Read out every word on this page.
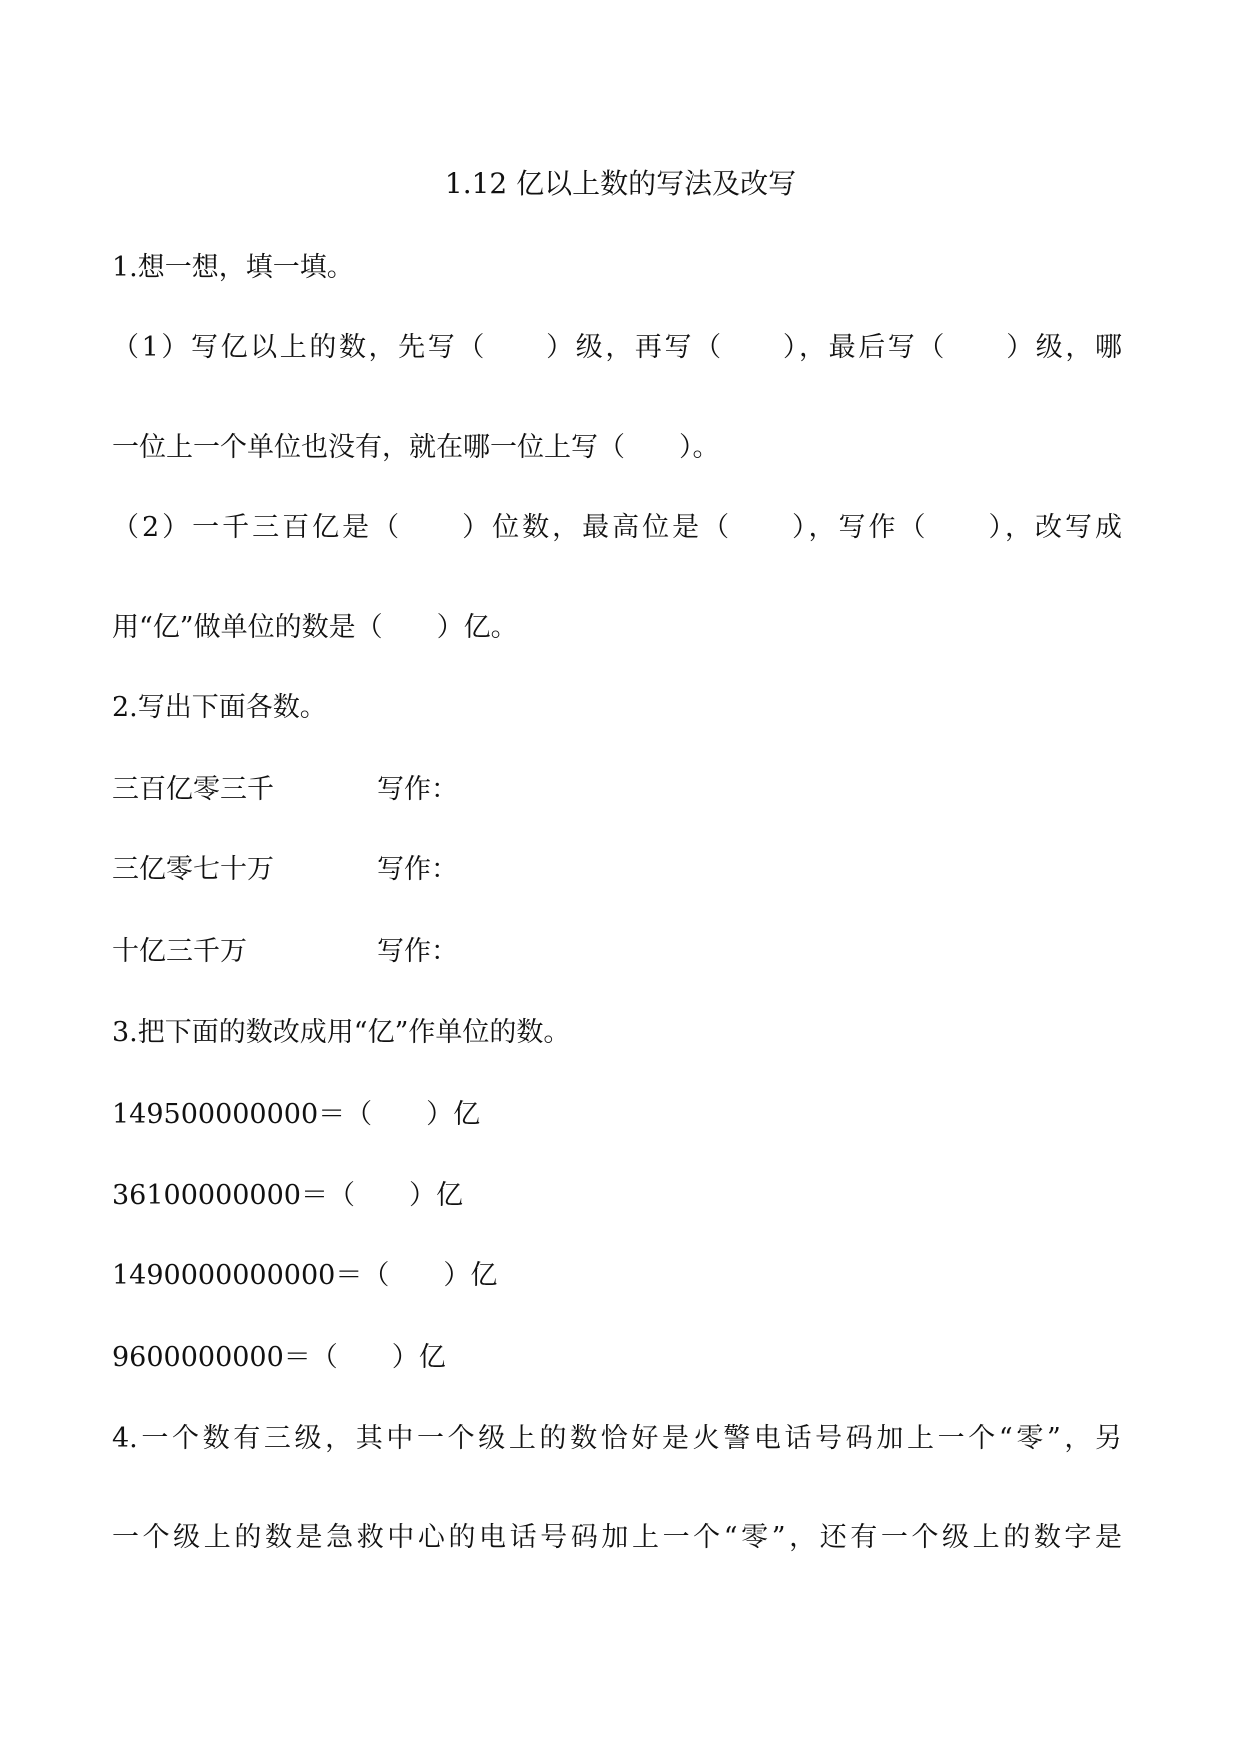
1.12 亿以上数的写法及改写
1.想一想，填一填。
（1）写亿以上的数，先写（　　）级，再写（　　），最后写（　　）级，哪
一位上一个单位也没有，就在哪一位上写（　　）。
（2）一千三百亿是（　　）位数，最高位是（　　），写作（　　），改写成
用“亿”做单位的数是（　　）亿。
2.写出下面各数。
三百亿零三千	写作：
三亿零七十万	写作：
十亿三千万	写作：
3.把下面的数改成用“亿”作单位的数。
149500000000＝（　　）亿
36100000000＝（　　）亿
1490000000000＝（　　）亿
9600000000＝（　　）亿
4.一个数有三级，其中一个级上的数恰好是火警电话号码加上一个“零”，另
一个级上的数是急救中心的电话号码加上一个“零”，还有一个级上的数字是
